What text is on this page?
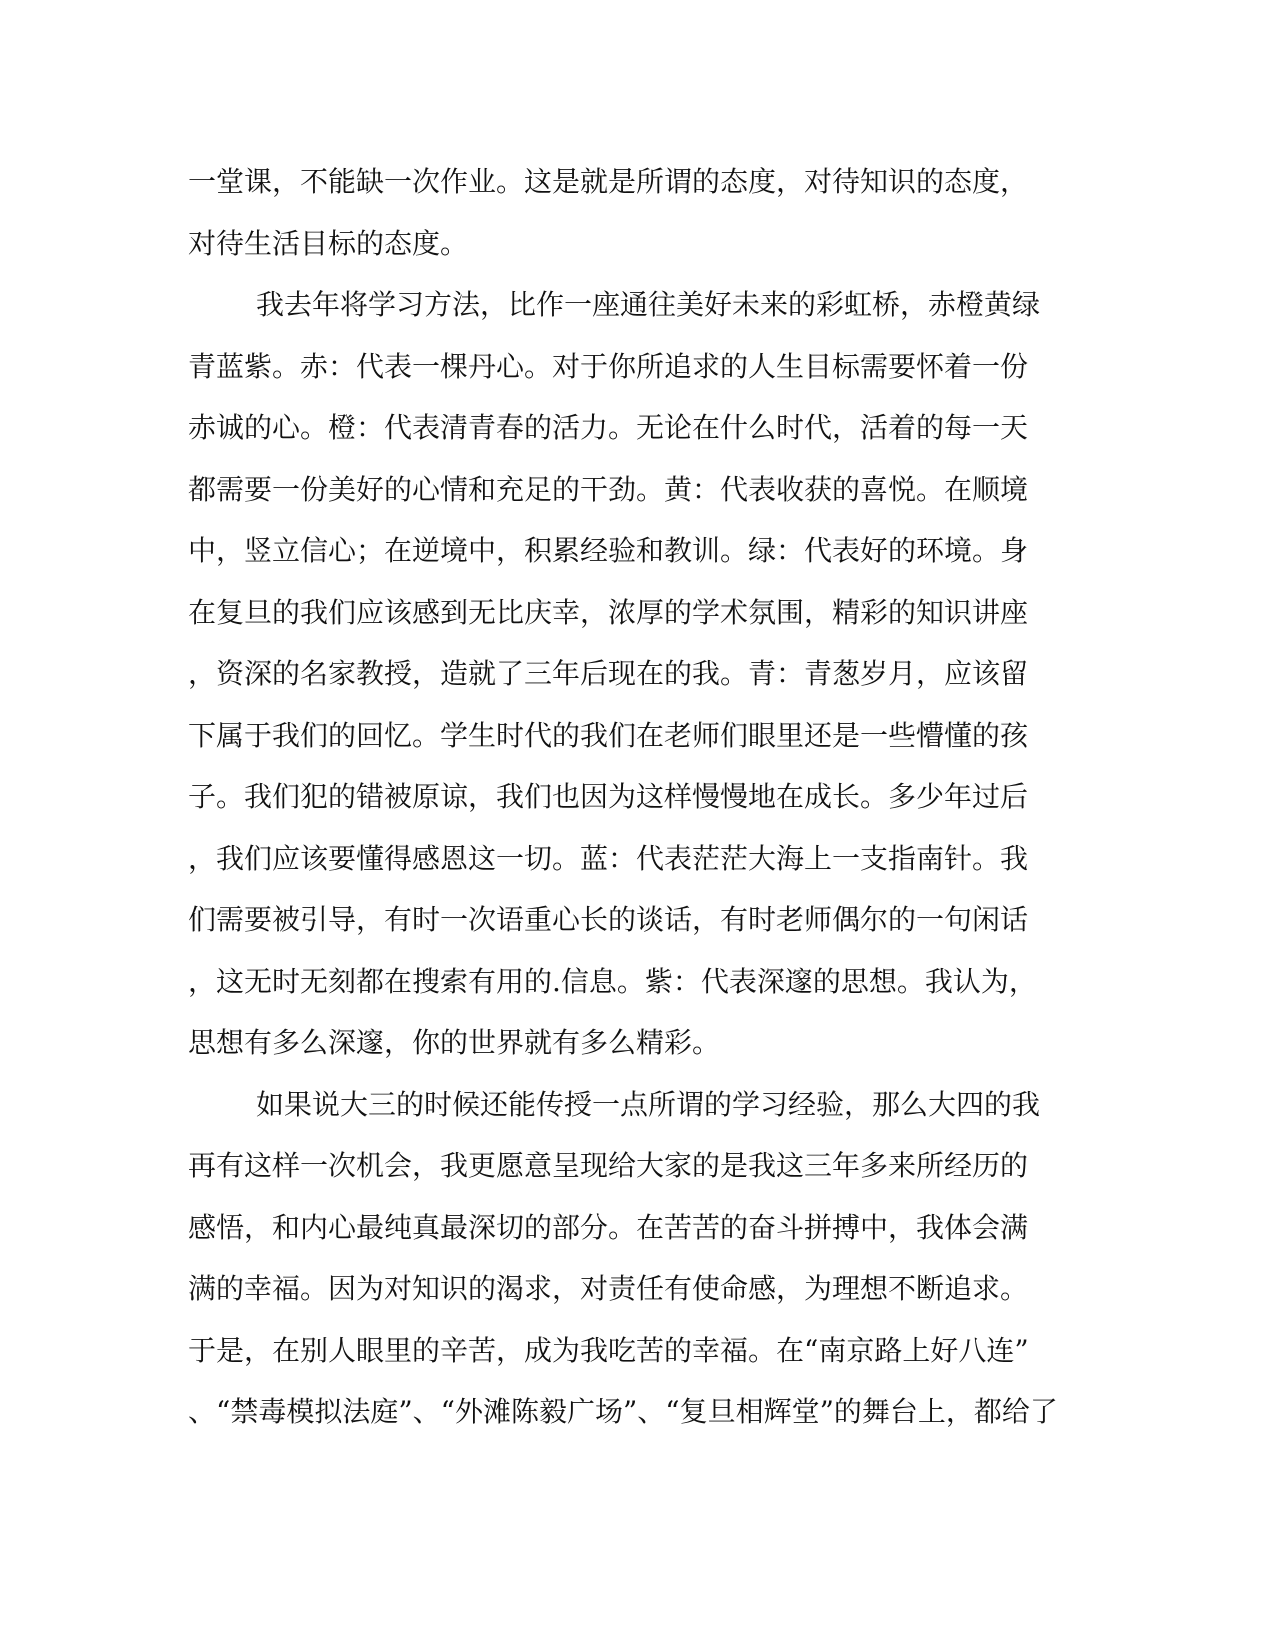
一堂课，不能缺一次作业。这是就是所谓的态度，对待知识的态度，
对待生活目标的态度。
我去年将学习方法，比作一座通往美好未来的彩虹桥，赤橙黄绿
青蓝紫。赤：代表一棵丹心。对于你所追求的人生目标需要怀着一份
赤诚的心。橙：代表清青春的活力。无论在什么时代，活着的每一天
都需要一份美好的心情和充足的干劲。黄：代表收获的喜悦。在顺境
中，竖立信心；在逆境中，积累经验和教训。绿：代表好的环境。身
在复旦的我们应该感到无比庆幸，浓厚的学术氛围，精彩的知识讲座
，资深的名家教授，造就了三年后现在的我。青：青葱岁月，应该留
下属于我们的回忆。学生时代的我们在老师们眼里还是一些懵懂的孩
子。我们犯的错被原谅，我们也因为这样慢慢地在成长。多少年过后
，我们应该要懂得感恩这一切。蓝：代表茫茫大海上一支指南针。我
们需要被引导，有时一次语重心长的谈话，有时老师偶尔的一句闲话
，这无时无刻都在搜索有用的.信息。紫：代表深邃的思想。我认为，
思想有多么深邃，你的世界就有多么精彩。
如果说大三的时候还能传授一点所谓的学习经验，那么大四的我
再有这样一次机会，我更愿意呈现给大家的是我这三年多来所经历的
感悟，和内心最纯真最深切的部分。在苦苦的奋斗拼搏中，我体会满
满的幸福。因为对知识的渴求，对责任有使命感，为理想不断追求。
于是，在别人眼里的辛苦，成为我吃苦的幸福。在“南京路上好八连”
、“禁毒模拟法庭”、“外滩陈毅广场”、“复旦相辉堂”的舞台上，都给了
